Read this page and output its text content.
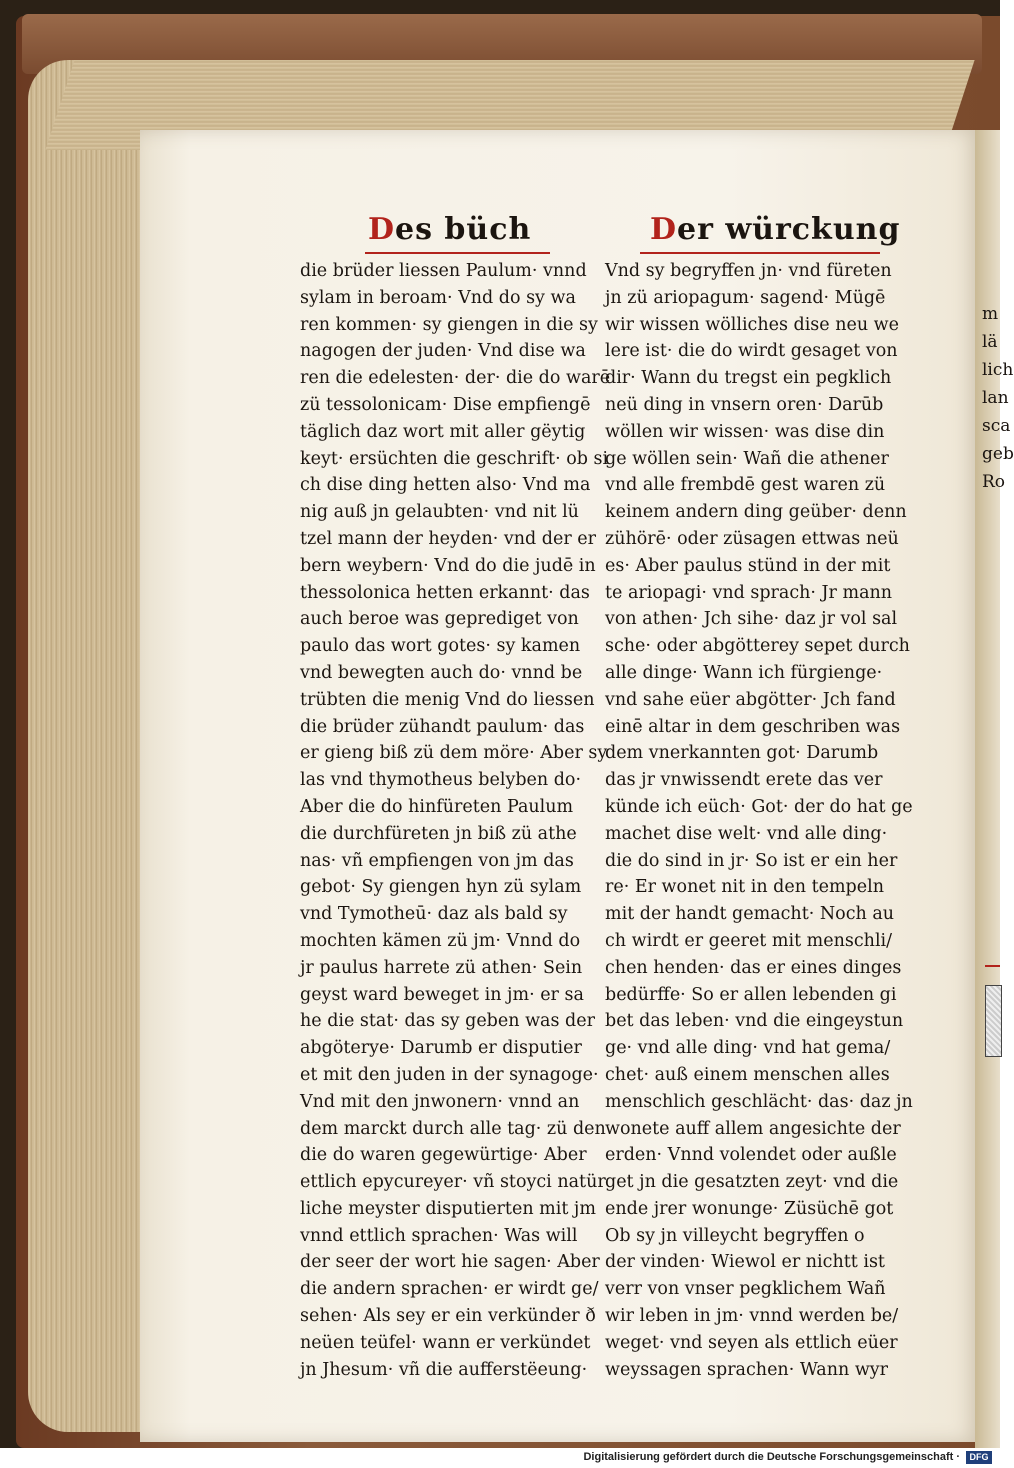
m
lä
lich
lan
sca
geb
Ro
Des büch	Der würckung
die brüder liessen Paulum· vnnd
sylam in beroam· Vnd do sy wa
ren kommen· sy giengen in die sy
nagogen der juden· Vnd dise wa
ren die edelesten· der· die do warē
zü tessolonicam· Dise empfiengē
täglich daz wort mit aller gëytig
keyt· ersüchten die geschrift· ob si
ch dise ding hetten also· Vnd ma
nig auß jn gelaubten· vnd nit lü
tzel mann der heyden· vnd der er
bern weybern· Vnd do die judē in
thessolonica hetten erkannt· das
auch beroe was geprediget von
paulo das wort gotes· sy kamen
vnd bewegten auch do· vnnd be
trübten die menig Vnd do liessen
die brüder zühandt paulum· das
er gieng biß zü dem möre· Aber sy
las vnd thymotheus belyben do·
Aber die do hinfüreten Paulum
die durchfüreten jn biß zü athe
nas· vñ empfiengen von jm das
gebot· Sy giengen hyn zü sylam
vnd Tymotheū· daz als bald sy
mochten kämen zü jm· Vnnd do
jr paulus harrete zü athen· Sein
geyst ward beweget in jm· er sa
he die stat· das sy geben was der
abgöterye· Darumb er disputier
et mit den juden in der synagoge·
Vnd mit den jnwonern· vnnd an
dem marckt durch alle tag· zü den
die do waren gegewürtige· Aber
ettlich epycureyer· vñ stoyci natür
liche meyster disputierten mit jm
vnnd ettlich sprachen· Was will
der seer der wort hie sagen· Aber
die andern sprachen· er wirdt ge/
sehen· Als sey er ein verkünder ð
neüen teüfel· wann er verkündet
jn Jhesum· vñ die aufferstëeung·
Vnd sy begryffen jn· vnd füreten
jn zü ariopagum· sagend· Mügē
wir wissen wölliches dise neu we
lere ist· die do wirdt gesaget von
dir· Wann du tregst ein pegklich
neü ding in vnsern oren· Darūb
wöllen wir wissen· was dise din
ge wöllen sein· Wañ die athener
vnd alle frembdē gest waren zü
keinem andern ding geüber· denn
zühörē· oder züsagen ettwas neü
es· Aber paulus stünd in der mit
te ariopagi· vnd sprach· Jr mann
von athen· Jch sihe· daz jr vol sal
sche· oder abgötterey sepet durch
alle dinge· Wann ich fürgienge·
vnd sahe eüer abgötter· Jch fand
einē altar in dem geschriben was
dem vnerkannten got· Darumb
das jr vnwissendt erete das ver
künde ich eüch· Got· der do hat ge
machet dise welt· vnd alle ding·
die do sind in jr· So ist er ein her
re· Er wonet nit in den tempeln
mit der handt gemacht· Noch au
ch wirdt er geeret mit menschli/
chen henden· das er eines dinges
bedürffe· So er allen lebenden gi
bet das leben· vnd die eingeystun
ge· vnd alle ding· vnd hat gema/
chet· auß einem menschen alles
menschlich geschlächt· das· daz jn
wonete auff allem angesichte der
erden· Vnnd volendet oder außle
get jn die gesatzten zeyt· vnd die
ende jrer wonunge· Züsüchē got
Ob sy jn villeycht begryffen o
der vinden· Wiewol er nichtt ist
verr von vnser pegklichem Wañ
wir leben in jm· vnnd werden be/
weget· vnd seyen als ettlich eüer
weyssagen sprachen· Wann wyr
Digitalisierung gefördert durch die Deutsche Forschungsgemeinschaft ·	DFG
